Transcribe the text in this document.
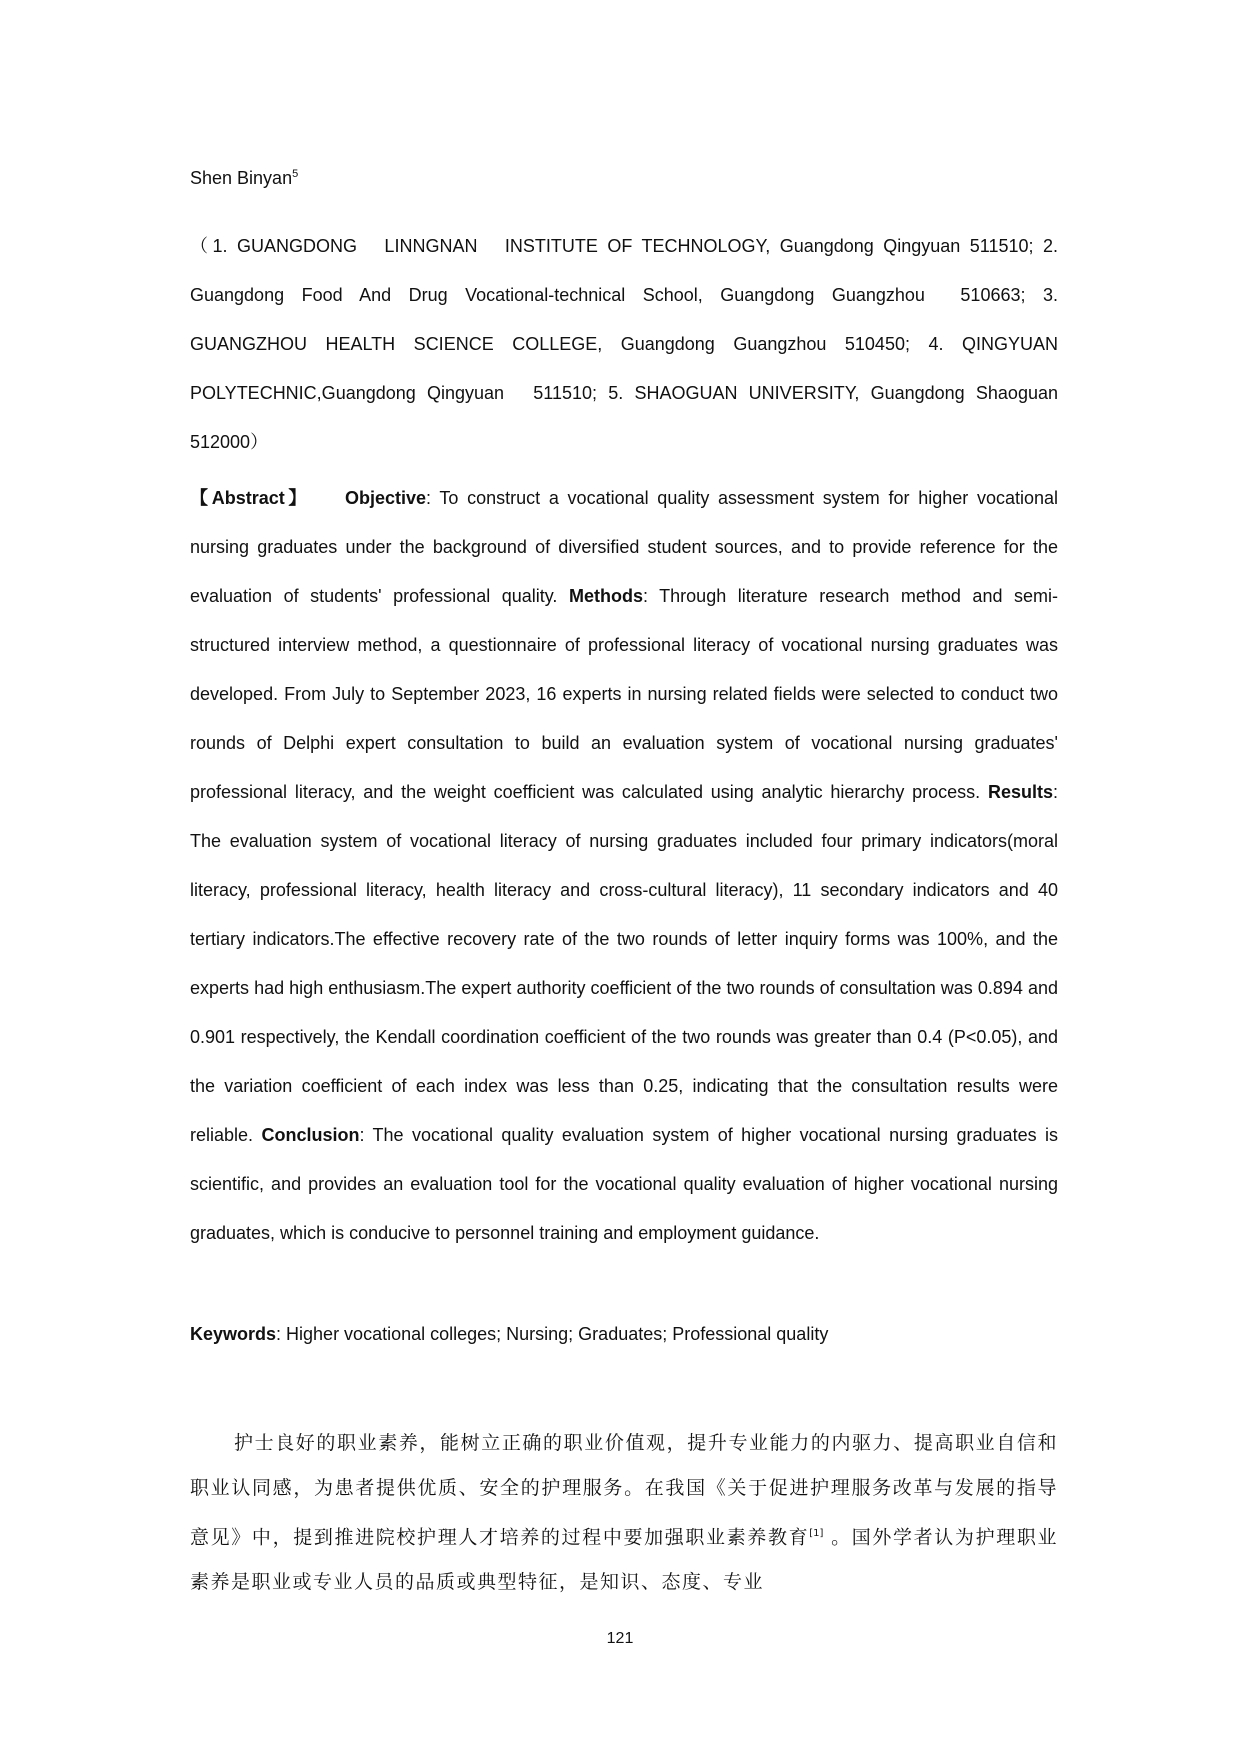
Shen Binyan$^5$
（1. GUANGDONG  LINNGNAN  INSTITUTE OF TECHNOLOGY, Guangdong Qingyuan 511510; 2. Guangdong Food And Drug Vocational-technical School, Guangdong Guangzhou  510663; 3. GUANGZHOU HEALTH SCIENCE COLLEGE, Guangdong Guangzhou 510450; 4. QINGYUAN POLYTECHNIC,Guangdong Qingyuan  511510; 5. SHAOGUAN UNIVERSITY, Guangdong Shaoguan 512000）
【Abstract】 Objective: To construct a vocational quality assessment system for higher vocational nursing graduates under the background of diversified student sources, and to provide reference for the evaluation of students' professional quality. Methods: Through literature research method and semi-structured interview method, a questionnaire of professional literacy of vocational nursing graduates was developed. From July to September 2023, 16 experts in nursing related fields were selected to conduct two rounds of Delphi expert consultation to build an evaluation system of vocational nursing graduates' professional literacy, and the weight coefficient was calculated using analytic hierarchy process. Results: The evaluation system of vocational literacy of nursing graduates included four primary indicators(moral literacy, professional literacy, health literacy and cross-cultural literacy), 11 secondary indicators and 40 tertiary indicators.The effective recovery rate of the two rounds of letter inquiry forms was 100%, and the experts had high enthusiasm.The expert authority coefficient of the two rounds of consultation was 0.894 and 0.901 respectively, the Kendall coordination coefficient of the two rounds was greater than 0.4 (P<0.05), and the variation coefficient of each index was less than 0.25, indicating that the consultation results were reliable. Conclusion: The vocational quality evaluation system of higher vocational nursing graduates is scientific, and provides an evaluation tool for the vocational quality evaluation of higher vocational nursing graduates, which is conducive to personnel training and employment guidance.
Keywords: Higher vocational colleges; Nursing; Graduates; Professional quality
护士良好的职业素养，能树立正确的职业价值观，提升专业能力的内驱力、提高职业自信和职业认同感，为患者提供优质、安全的护理服务。在我国《关于促进护理服务改革与发展的指导意见》中，提到推进院校护理人才培养的过程中要加强职业素养教育[1] 。国外学者认为护理职业素养是职业或专业人员的品质或典型特征，是知识、态度、专业
121
